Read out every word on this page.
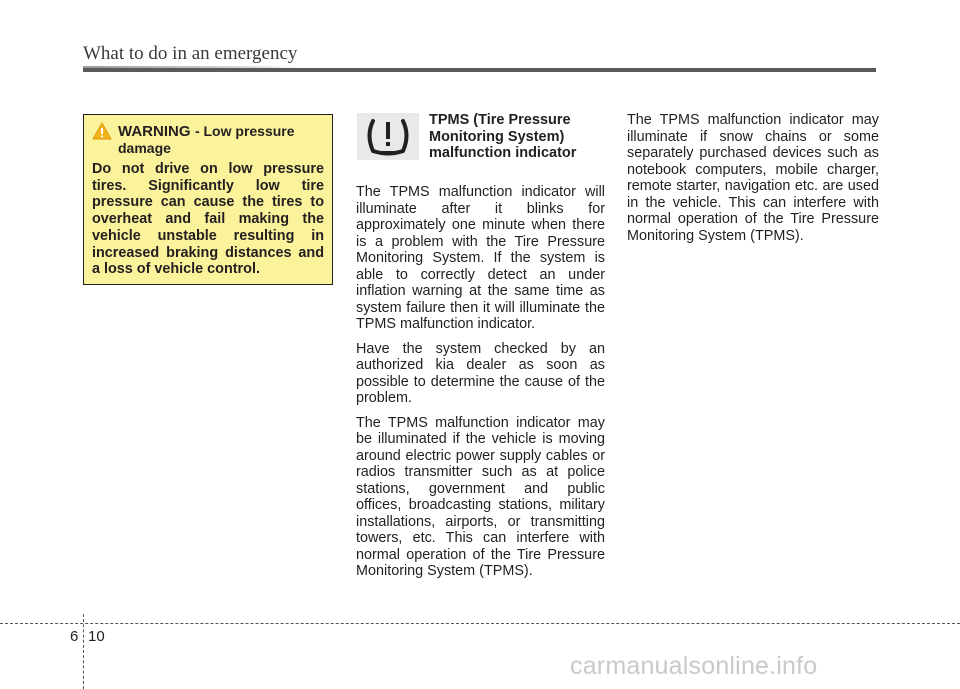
What to do in an emergency
WARNING - Low pressure damage
Do not drive on low pressure tires. Significantly low tire pressure can cause the tires to overheat and fail making the vehicle unstable resulting in increased braking distances and a loss of vehicle control.
TPMS (Tire Pressure Monitoring System) malfunction indicator

The TPMS malfunction indicator will illuminate after it blinks for approximately one minute when there is a problem with the Tire Pressure Monitoring System. If the system is able to correctly detect an under inflation warning at the same time as system failure then it will illuminate the TPMS malfunction indicator.

Have the system checked by an authorized kia dealer as soon as possible to determine the cause of the problem.

The TPMS malfunction indicator may be illuminated if the vehicle is moving around electric power supply cables or radios transmitter such as at police stations, government and public offices, broadcasting stations, military installations, airports, or transmitting towers, etc. This can interfere with normal operation of the Tire Pressure Monitoring System (TPMS).

The TPMS malfunction indicator may illuminate if snow chains or some separately purchased devices such as notebook computers, mobile charger, remote starter, navigation etc. are used in the vehicle. This can interfere with normal operation of the Tire Pressure Monitoring System (TPMS).

6 10
carmanualsonline.info
